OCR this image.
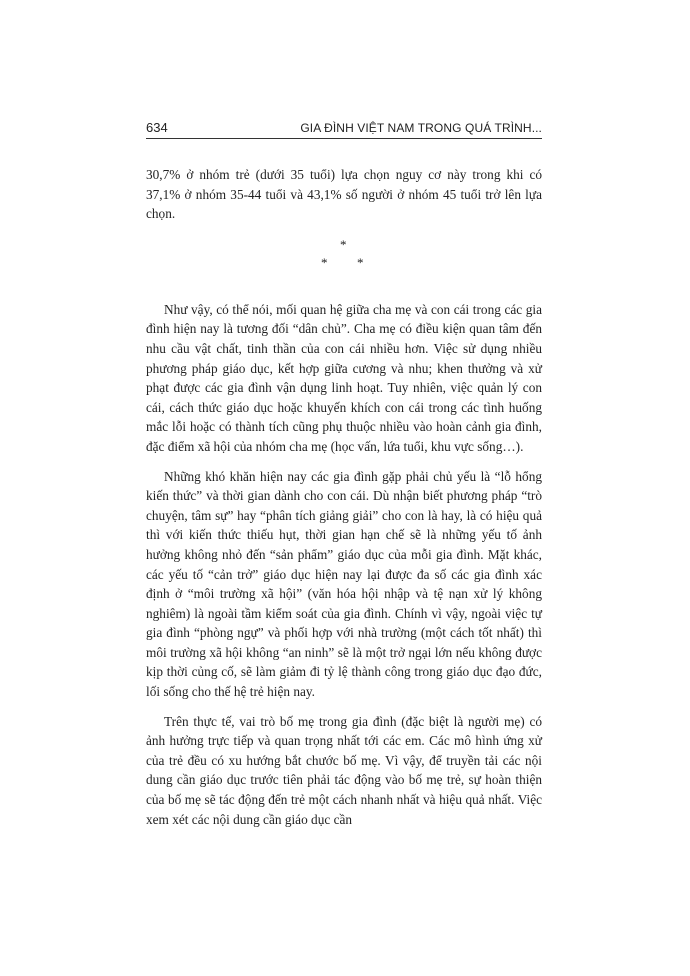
634	GIA ĐÌNH VIỆT NAM TRONG QUÁ TRÌNH...

30,7% ở nhóm trẻ (dưới 35 tuổi) lựa chọn nguy cơ này trong khi có 37,1% ở nhóm 35-44 tuổi và 43,1% số người ở nhóm 45 tuổi trở lên lựa chọn.

*
* *

Như vậy, có thể nói, mối quan hệ giữa cha mẹ và con cái trong các gia đình hiện nay là tương đối “dân chủ”. Cha mẹ có điều kiện quan tâm đến nhu cầu vật chất, tinh thần của con cái nhiều hơn. Việc sử dụng nhiều phương pháp giáo dục, kết hợp giữa cương và nhu; khen thưởng và xử phạt được các gia đình vận dụng linh hoạt. Tuy nhiên, việc quản lý con cái, cách thức giáo dục hoặc khuyến khích con cái trong các tình huống mắc lỗi hoặc có thành tích cũng phụ thuộc nhiều vào hoàn cảnh gia đình, đặc điểm xã hội của nhóm cha mẹ (học vấn, lứa tuổi, khu vực sống…).

Những khó khăn hiện nay các gia đình gặp phải chủ yếu là “lỗ hổng kiến thức” và thời gian dành cho con cái. Dù nhận biết phương pháp “trò chuyện, tâm sự” hay “phân tích giảng giải” cho con là hay, là có hiệu quả thì với kiến thức thiếu hụt, thời gian hạn chế sẽ là những yếu tố ảnh hưởng không nhỏ đến “sản phẩm” giáo dục của mỗi gia đình. Mặt khác, các yếu tố “cản trở” giáo dục hiện nay lại được đa số các gia đình xác định ở “môi trường xã hội” (văn hóa hội nhập và tệ nạn xử lý không nghiêm) là ngoài tầm kiểm soát của gia đình. Chính vì vậy, ngoài việc tự gia đình “phòng ngự” và phối hợp với nhà trường (một cách tốt nhất) thì môi trường xã hội không “an ninh” sẽ là một trở ngại lớn nếu không được kịp thời củng cố, sẽ làm giảm đi tỷ lệ thành công trong giáo dục đạo đức, lối sống cho thế hệ trẻ hiện nay.

Trên thực tế, vai trò bố mẹ trong gia đình (đặc biệt là người mẹ) có ảnh hưởng trực tiếp và quan trọng nhất tới các em. Các mô hình ứng xử của trẻ đều có xu hướng bắt chước bố mẹ. Vì vậy, để truyền tải các nội dung cần giáo dục trước tiên phải tác động vào bố mẹ trẻ, sự hoàn thiện của bố mẹ sẽ tác động đến trẻ một cách nhanh nhất và hiệu quả nhất. Việc xem xét các nội dung cần giáo dục cần
